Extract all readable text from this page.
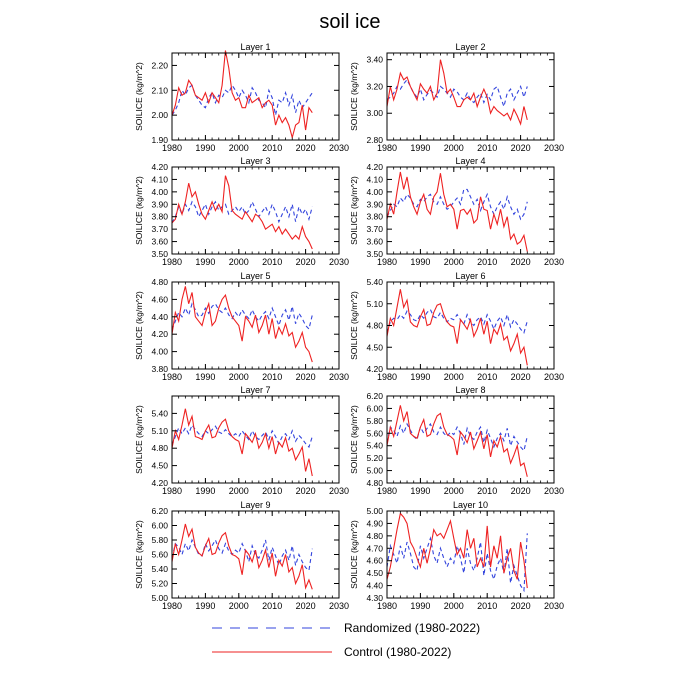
soil ice
Layer 1
1980 1990 2000 2010 2020 2030
1.90
2.00
2.10
2.20
SOILICE (kg/m^2)
Layer 2
1980 1990 2000 2010 2020 2030
2.80
3.00
3.20
3.40
SOILICE (kg/m^2)
Layer 3
1980 1990 2000 2010 2020 2030
3.50
3.60
3.70
3.80
3.90
4.00
4.10
4.20
SOILICE (kg/m^2)
Layer 4
1980 1990 2000 2010 2020 2030
3.50
3.60
3.70
3.80
3.90
4.00
4.10
4.20
SOILICE (kg/m^2)
Layer 5
1980 1990 2000 2010 2020 2030
3.80
4.00
4.20
4.40
4.60
4.80
SOILICE (kg/m^2)
Layer 6
1980 1990 2000 2010 2020 2030
4.20
4.50
4.80
5.10
5.40
SOILICE (kg/m^2)
Layer 7
1980 1990 2000 2010 2020 2030
4.20
4.50
4.80
5.10
5.40
SOILICE (kg/m^2)
Layer 8
1980 1990 2000 2010 2020 2030
4.80
5.00
5.20
5.40
5.60
5.80
6.00
6.20
SOILICE (kg/m^2)
Layer 9
1980 1990 2000 2010 2020 2030
5.00
5.20
5.40
5.60
5.80
6.00
6.20
SOILICE (kg/m^2)
Layer 10
1980 1990 2000 2010 2020 2030
4.30
4.40
4.50
4.60
4.70
4.80
4.90
5.00
SOILICE (kg/m^2)
Randomized (1980-2022)
Control (1980-2022)
